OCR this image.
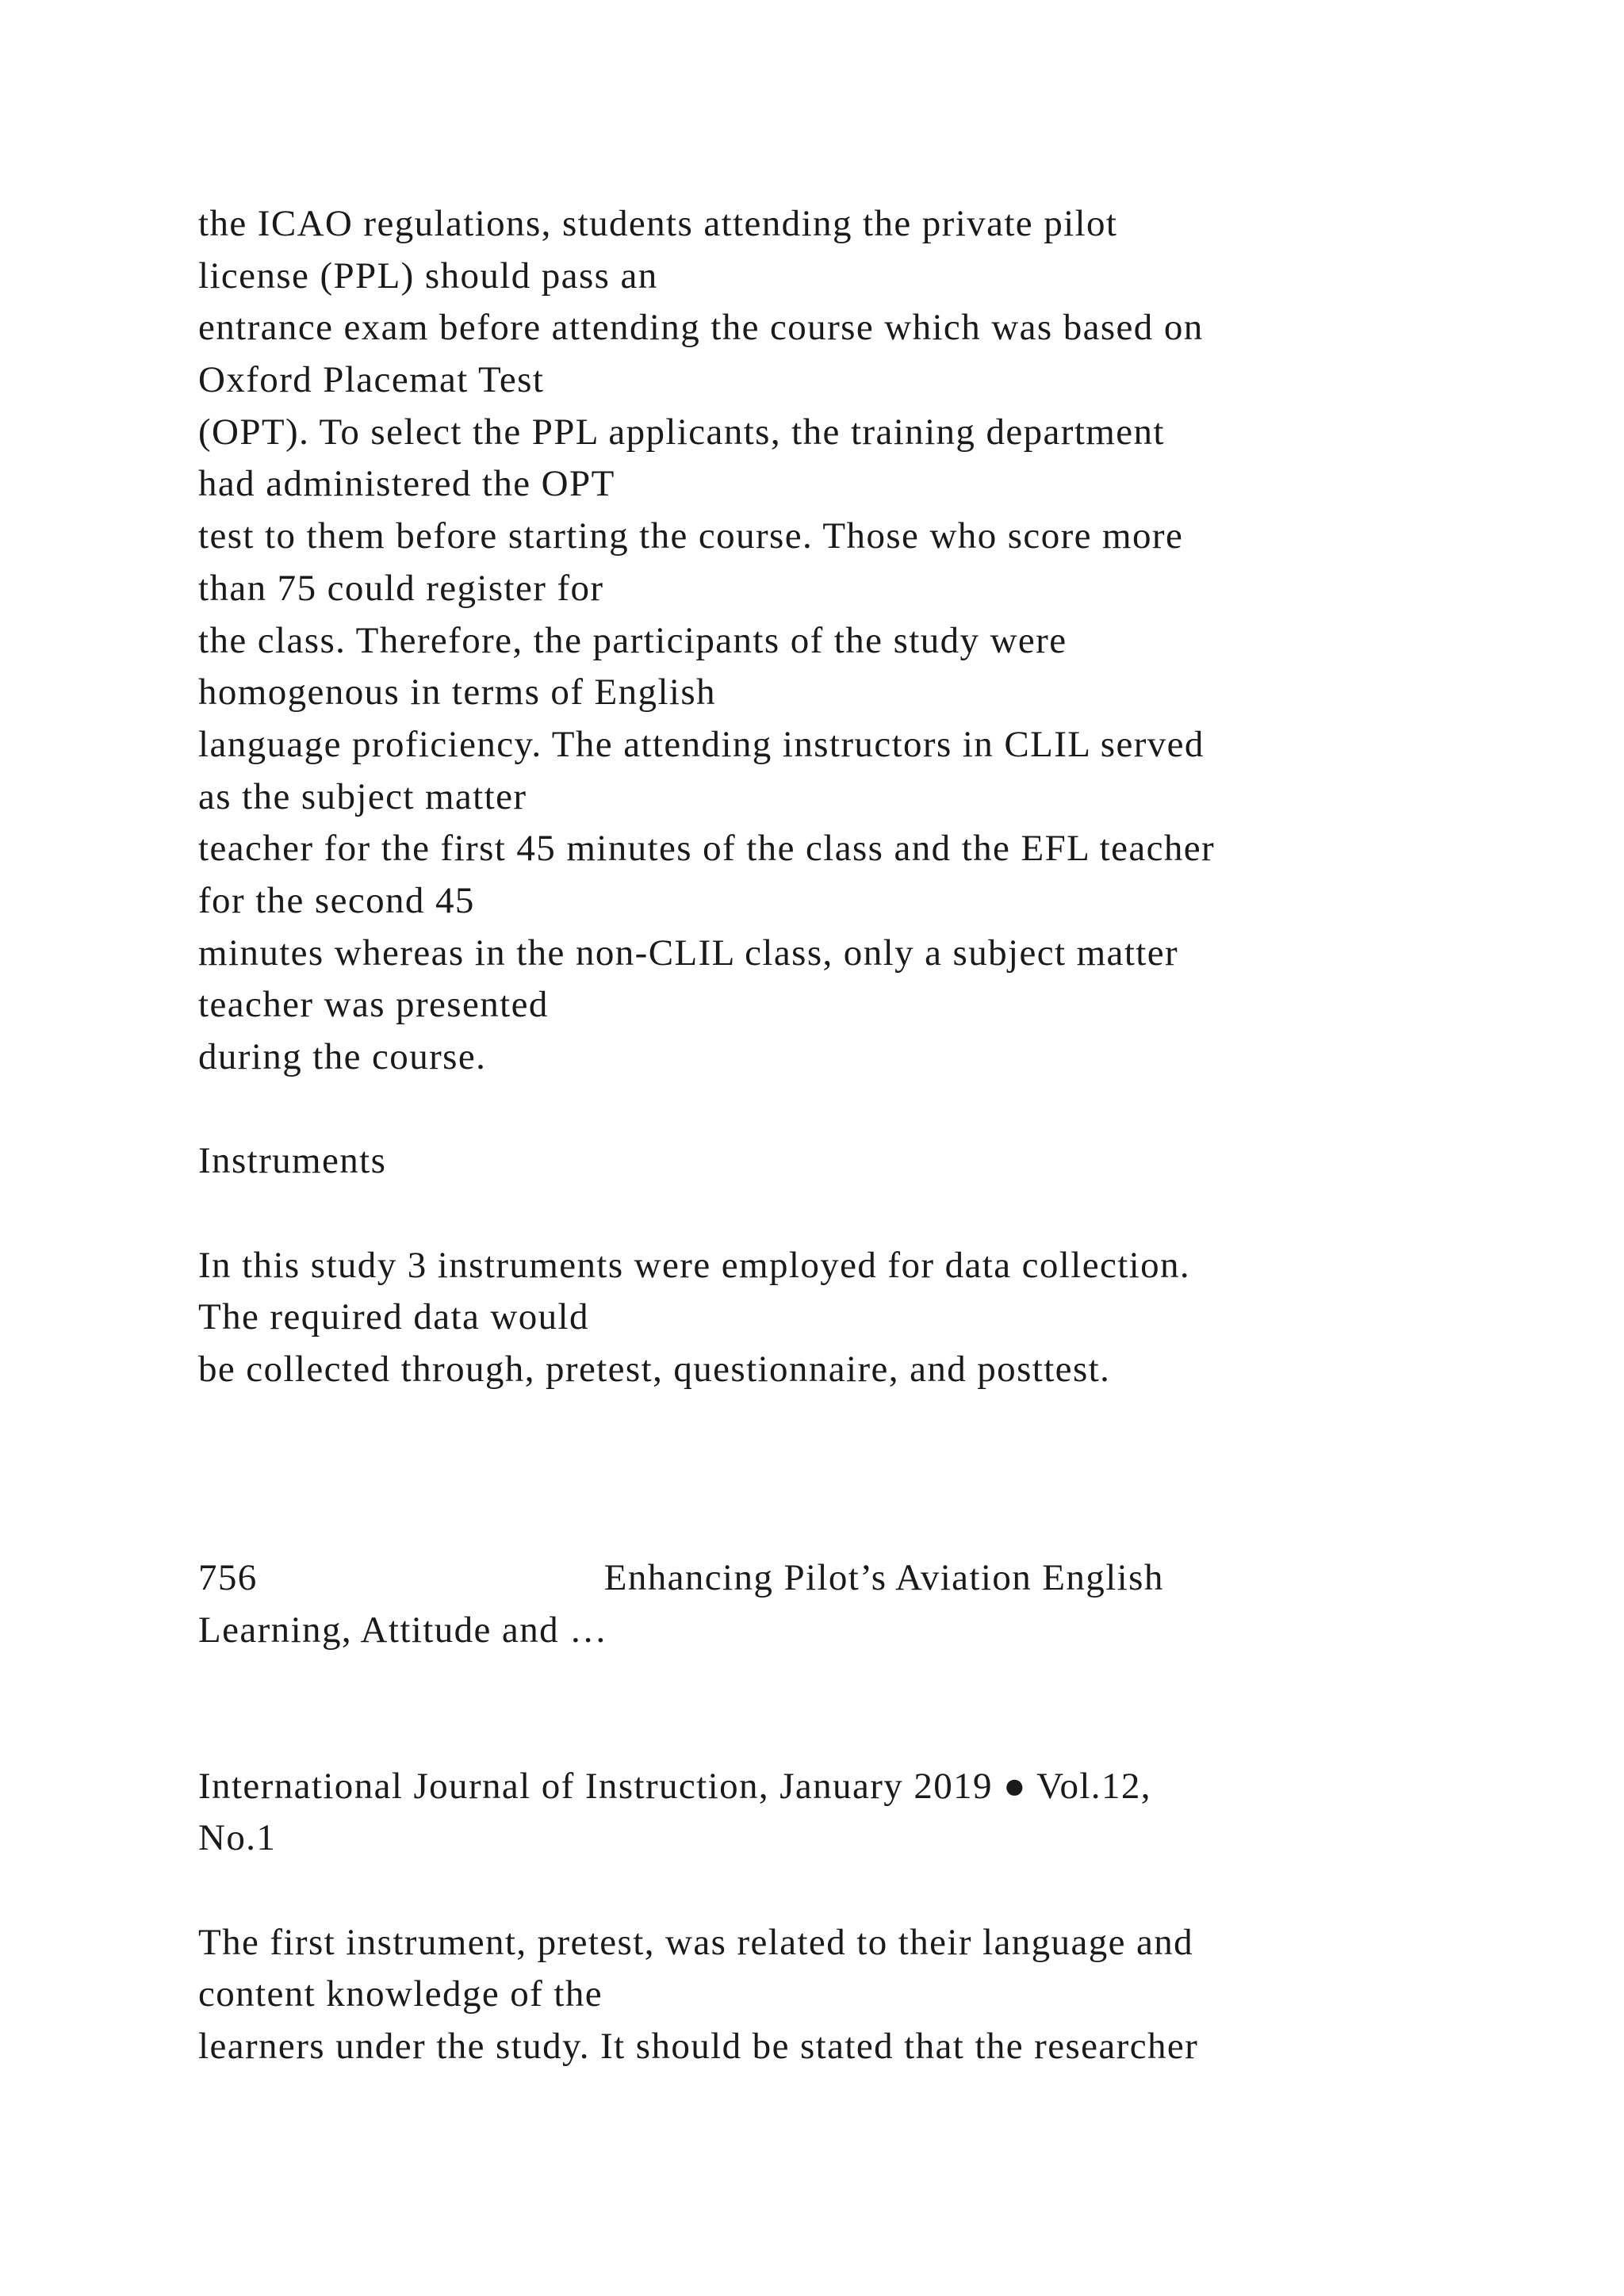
the ICAO regulations, students attending the private pilot
license (PPL) should pass an
entrance exam before attending the course which was based on
Oxford Placemat Test
(OPT). To select the PPL applicants, the training department
had administered the OPT
test to them before starting the course. Those who score more
than 75 could register for
the class. Therefore, the participants of the study were
homogenous in terms of English
language proficiency. The attending instructors in CLIL served
as the subject matter
teacher for the first 45 minutes of the class and the EFL teacher
for the second 45
minutes whereas in the non-CLIL class, only a subject matter
teacher was presented
during the course.
Instruments
In this study 3 instruments were employed for data collection.
The required data would
be collected through, pretest, questionnaire, and posttest.
756	Enhancing Pilot’s Aviation English
Learning, Attitude and …
International Journal of Instruction, January 2019 ● Vol.12,
No.1
The first instrument, pretest, was related to their language and
content knowledge of the
learners under the study. It should be stated that the researcher
